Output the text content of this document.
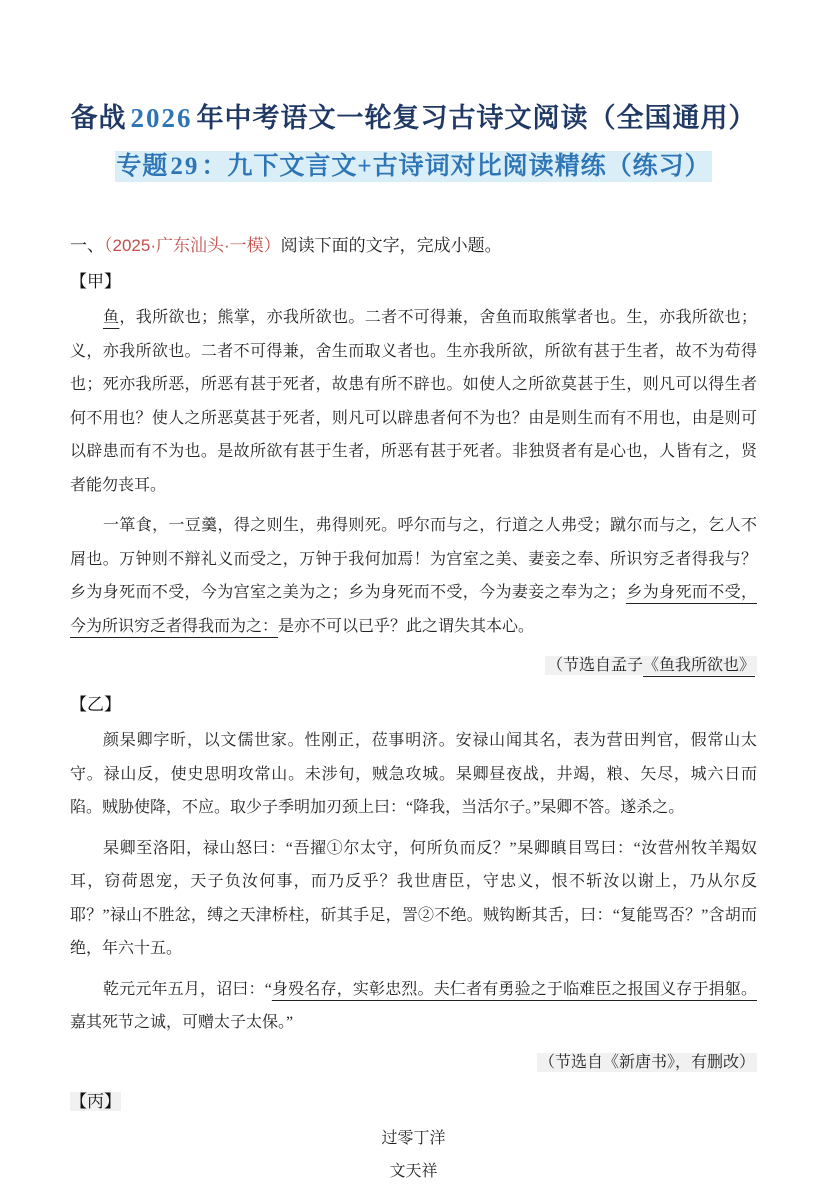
备战 2026 年中考语文一轮复习古诗文阅读（全国通用）
专题29：九下文言文+古诗词对比阅读精练（练习）
一、（2025·广东汕头·一模）阅读下面的文字，完成小题。
【甲】

鱼，我所欲也；熊掌，亦我所欲也。二者不可得兼，舍鱼而取熊掌者也。生，亦我所欲也；义，亦我所欲也。二者不可得兼，舍生而取义者也。生亦我所欲，所欲有甚于生者，故不为苟得也；死亦我所恶，所恶有甚于死者，故患有所不辟也。如使人之所欲莫甚于生，则凡可以得生者何不用也？使人之所恶莫甚于死者，则凡可以辟患者何不为也？由是则生而有不用也，由是则可以辟患而有不为也。是故所欲有甚于生者，所恶有甚于死者。非独贤者有是心也，人皆有之，贤者能勿丧耳。

一箪食，一豆羹，得之则生，弗得则死。呼尔而与之，行道之人弗受；蹴尔而与之，乞人不屑也。万钟则不辩礼义而受之，万钟于我何加焉！为宫室之美、妻妾之奉、所识穷乏者得我与？乡为身死而不受，今为宫室之美为之；乡为身死而不受，今为妻妾之奉为之；乡为身死而不受，今为所识穷乏者得我而为之：是亦不可以已乎？此之谓失其本心。

（节选自孟子《鱼我所欲也》

【乙】

颜杲卿字昕，以文儒世家。性刚正，莅事明济。安禄山闻其名，表为营田判官，假常山太守。禄山反，使史思明攻常山。未涉旬，贼急攻城。杲卿昼夜战，井竭，粮、矢尽，城六日而陷。贼胁使降，不应。取少子季明加刃颈上曰：“降我，当活尔子。”杲卿不答。遂杀之。

杲卿至洛阳，禄山怒曰：“吾擢①尔太守，何所负而反？”杲卿瞋目骂曰：“汝营州牧羊羯奴耳，窃荷恩宠，天子负汝何事，而乃反乎？我世唐臣，守忠义，恨不斩汝以谢上，乃从尔反耶？”禄山不胜忿，缚之天津桥柱，斫其手足，詈②不绝。贼钩断其舌，曰：“复能骂否？”含胡而绝，年六十五。

乾元元年五月，诏曰：“身殁名存，实彰忠烈。夫仁者有勇验之于临难臣之报国义存于捐躯。嘉其死节之诚，可赠太子太保。”

（节选自《新唐书》，有删改）

【丙】

过零丁洋

文天祥
